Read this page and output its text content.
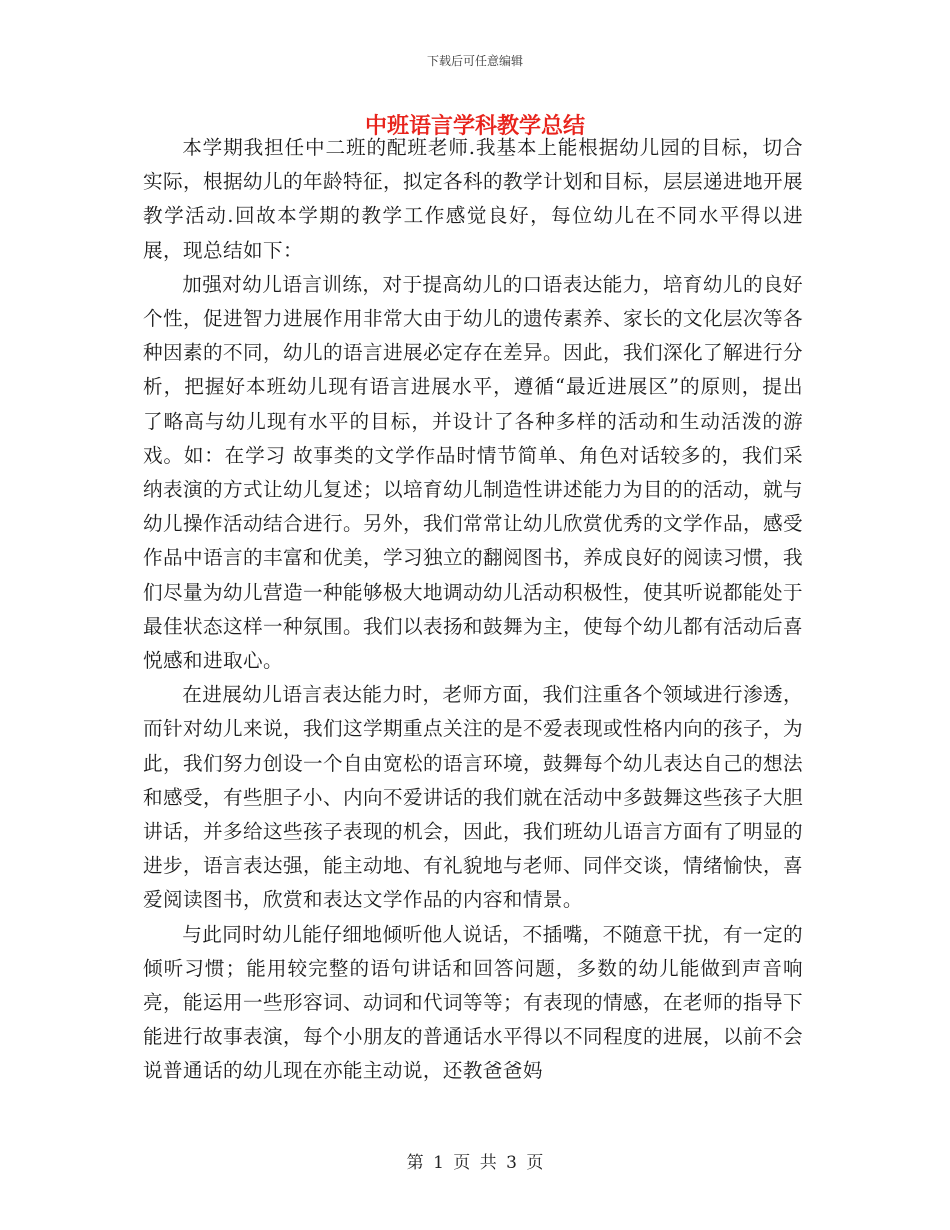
下载后可任意编辑
中班语言学科教学总结

本学期我担任中二班的配班老师.我基本上能根据幼儿园的目标，切合实际，根据幼儿的年龄特征，拟定各科的教学计划和目标，层层递进地开展教学活动.回故本学期的教学工作感觉良好，每位幼儿在不同水平得以进展，现总结如下：

加强对幼儿语言训练，对于提高幼儿的口语表达能力，培育幼儿的良好个性，促进智力进展作用非常大由于幼儿的遗传素养、家长的文化层次等各种因素的不同，幼儿的语言进展必定存在差异。因此，我们深化了解进行分析，把握好本班幼儿现有语言进展水平，遵循“最近进展区”的原则，提出了略高与幼儿现有水平的目标，并设计了各种多样的活动和生动活泼的游戏。如：在学习 故事类的文学作品时情节简单、角色对话较多的，我们采纳表演的方式让幼儿复述；以培育幼儿制造性讲述能力为目的的活动，就与幼儿操作活动结合进行。另外，我们常常让幼儿欣赏优秀的文学作品，感受作品中语言的丰富和优美，学习独立的翻阅图书，养成良好的阅读习惯，我们尽量为幼儿营造一种能够极大地调动幼儿活动积极性，使其听说都能处于最佳状态这样一种氛围。我们以表扬和鼓舞为主，使每个幼儿都有活动后喜悦感和进取心。

在进展幼儿语言表达能力时，老师方面，我们注重各个领域进行渗透，而针对幼儿来说，我们这学期重点关注的是不爱表现或性格内向的孩子，为此，我们努力创设一个自由宽松的语言环境，鼓舞每个幼儿表达自己的想法和感受，有些胆子小、内向不爱讲话的我们就在活动中多鼓舞这些孩子大胆讲话，并多给这些孩子表现的机会，因此，我们班幼儿语言方面有了明显的进步，语言表达强，能主动地、有礼貌地与老师、同伴交谈，情绪愉快，喜爱阅读图书，欣赏和表达文学作品的内容和情景。

与此同时幼儿能仔细地倾听他人说话，不插嘴，不随意干扰，有一定的倾听习惯；能用较完整的语句讲话和回答问题，多数的幼儿能做到声音响亮，能运用一些形容词、动词和代词等等；有表现的情感，在老师的指导下能进行故事表演，每个小朋友的普通话水平得以不同程度的进展，以前不会说普通话的幼儿现在亦能主动说，还教爸爸妈

第 1 页 共 3 页
